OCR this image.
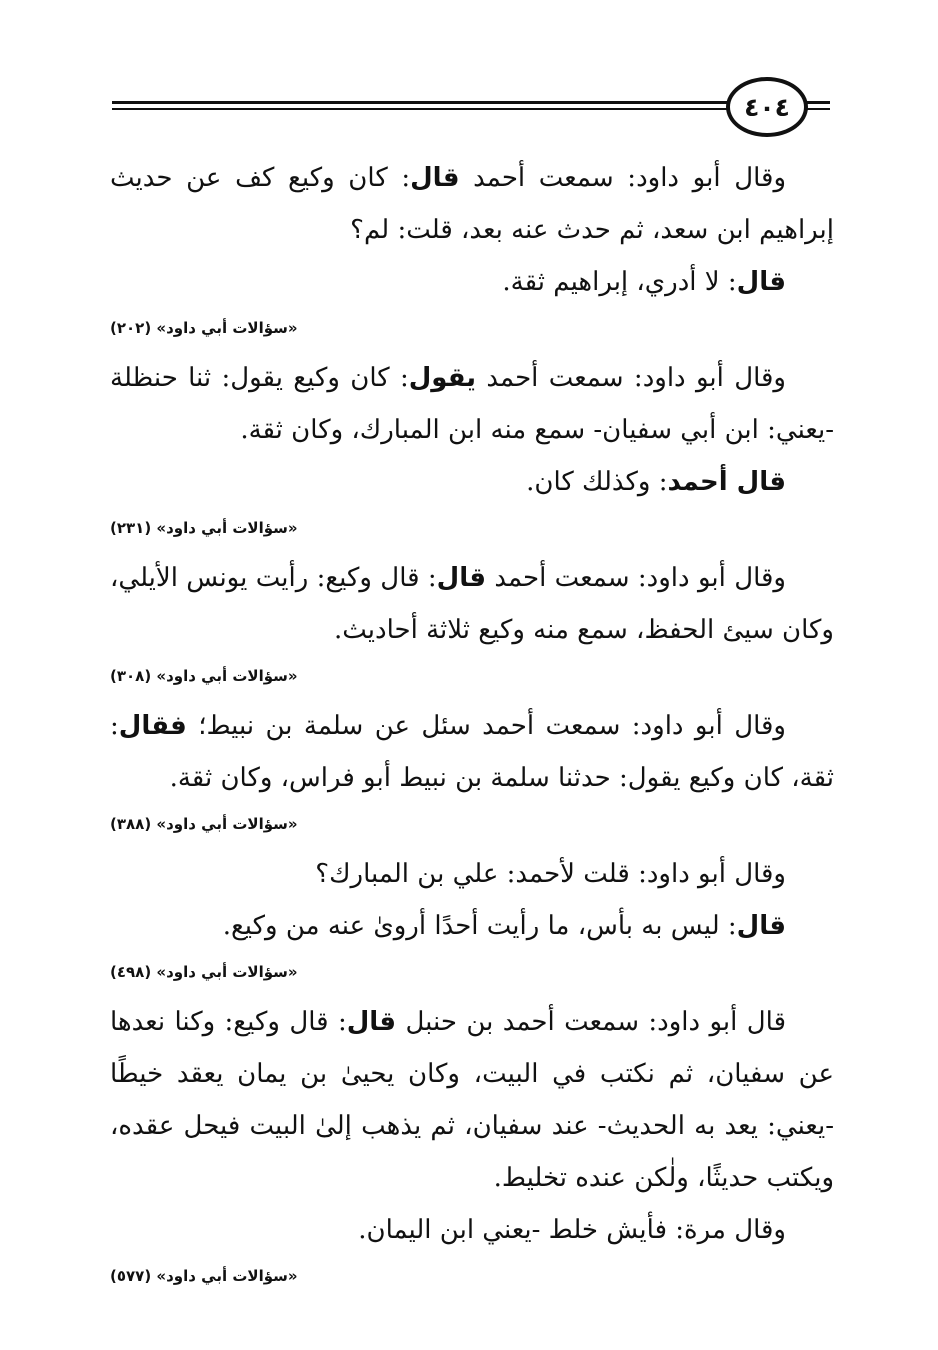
٤٠٤
وقال أبو داود: سمعت أحمد قال: كان وكيع كف عن حديث إبراهيم ابن سعد، ثم حدث عنه بعد، قلت: لم؟
قال: لا أدري، إبراهيم ثقة.
«سؤالات أبي داود» (٢٠٢)
وقال أبو داود: سمعت أحمد يقول: كان وكيع يقول: ثنا حنظلة -يعني: ابن أبي سفيان- سمع منه ابن المبارك، وكان ثقة.
قال أحمد: وكذلك كان.
«سؤالات أبي داود» (٢٣١)
وقال أبو داود: سمعت أحمد قال: قال وكيع: رأيت يونس الأيلي، وكان سيئ الحفظ، سمع منه وكيع ثلاثة أحاديث.
«سؤالات أبي داود» (٣٠٨)
وقال أبو داود: سمعت أحمد سئل عن سلمة بن نبيط؛ فقال: ثقة، كان وكيع يقول: حدثنا سلمة بن نبيط أبو فراس، وكان ثقة.
«سؤالات أبي داود» (٣٨٨)
وقال أبو داود: قلت لأحمد: علي بن المبارك؟
قال: ليس به بأس، ما رأيت أحدًا أروىٰ عنه من وكيع.
«سؤالات أبي داود» (٤٩٨)
قال أبو داود: سمعت أحمد بن حنبل قال: قال وكيع: وكنا نعدها عن سفيان، ثم نكتب في البيت، وكان يحيىٰ بن يمان يعقد خيطًا -يعني: يعد به الحديث- عند سفيان، ثم يذهب إلىٰ البيت فيحل عقده، ويكتب حديثًا، ولٰكن عنده تخليط.
وقال مرة: فأيش خلط -يعني ابن اليمان.
«سؤالات أبي داود» (٥٧٧)
